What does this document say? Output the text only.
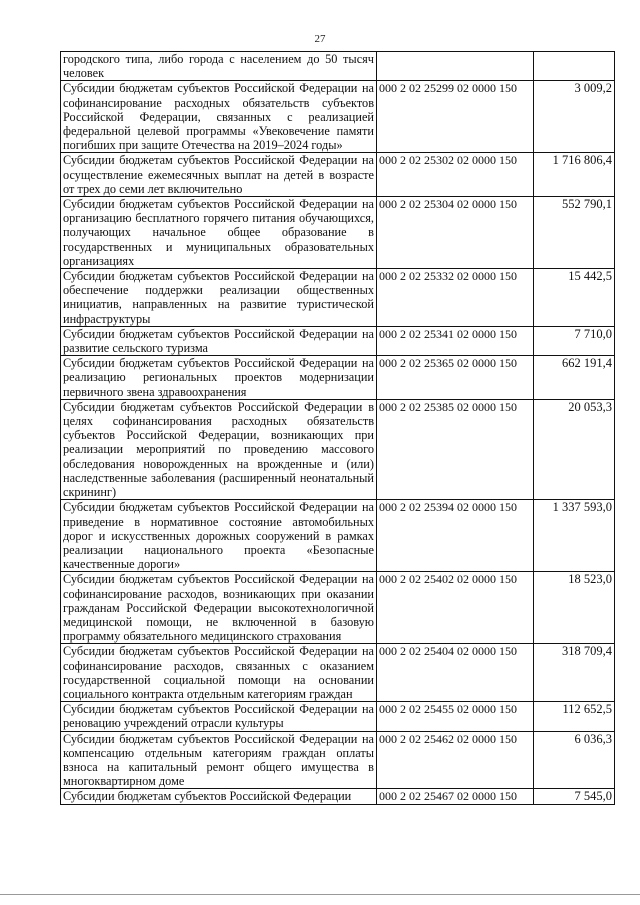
27
городского типа, либо города с населением до 50 тысяч человек		
Субсидии бюджетам субъектов Российской Федерации на софинансирование расходных обязательств субъектов Российской Федерации, связанных с реализацией федеральной целевой программы «Увековечение памяти погибших при защите Отечества на 2019–2024 годы»	000 2 02 25299 02 0000 150	3 009,2
Субсидии бюджетам субъектов Российской Федерации на осуществление ежемесячных выплат на детей в возрасте от трех до семи лет включительно	000 2 02 25302 02 0000 150	1 716 806,4
Субсидии бюджетам субъектов Российской Федерации на организацию бесплатного горячего питания обучающихся, получающих начальное общее образование в государственных и муниципальных образовательных организациях	000 2 02 25304 02 0000 150	552 790,1
Субсидии бюджетам субъектов Российской Федерации на обеспечение поддержки реализации общественных инициатив, направленных на развитие туристической инфраструктуры	000 2 02 25332 02 0000 150	15 442,5
Субсидии бюджетам субъектов Российской Федерации на развитие сельского туризма	000 2 02 25341 02 0000 150	7 710,0
Субсидии бюджетам субъектов Российской Федерации на реализацию региональных проектов модернизации первичного звена здравоохранения	000 2 02 25365 02 0000 150	662 191,4
Субсидии бюджетам субъектов Российской Федерации в целях софинансирования расходных обязательств субъектов Российской Федерации, возникающих при реализации мероприятий по проведению массового обследования новорожденных на врожденные и (или) наследственные заболевания (расширенный неонатальный скрининг)	000 2 02 25385 02 0000 150	20 053,3
Субсидии бюджетам субъектов Российской Федерации на приведение в нормативное состояние автомобильных дорог и искусственных дорожных сооружений в рамках реализации национального проекта «Безопасные качественные дороги»	000 2 02 25394 02 0000 150	1 337 593,0
Субсидии бюджетам субъектов Российской Федерации на софинансирование расходов, возникающих при оказании гражданам Российской Федерации высокотехнологичной медицинской помощи, не включенной в базовую программу обязательного медицинского страхования	000 2 02 25402 02 0000 150	18 523,0
Субсидии бюджетам субъектов Российской Федерации на софинансирование расходов, связанных с оказанием государственной социальной помощи на основании социального контракта отдельным категориям граждан	000 2 02 25404 02 0000 150	318 709,4
Субсидии бюджетам субъектов Российской Федерации на реновацию учреждений отрасли культуры	000 2 02 25455 02 0000 150	112 652,5
Субсидии бюджетам субъектов Российской Федерации на компенсацию отдельным категориям граждан оплаты взноса на капитальный ремонт общего имущества в многоквартирном доме	000 2 02 25462 02 0000 150	6 036,3
Субсидии бюджетам субъектов Российской Федерации	000 2 02 25467 02 0000 150	7 545,0
